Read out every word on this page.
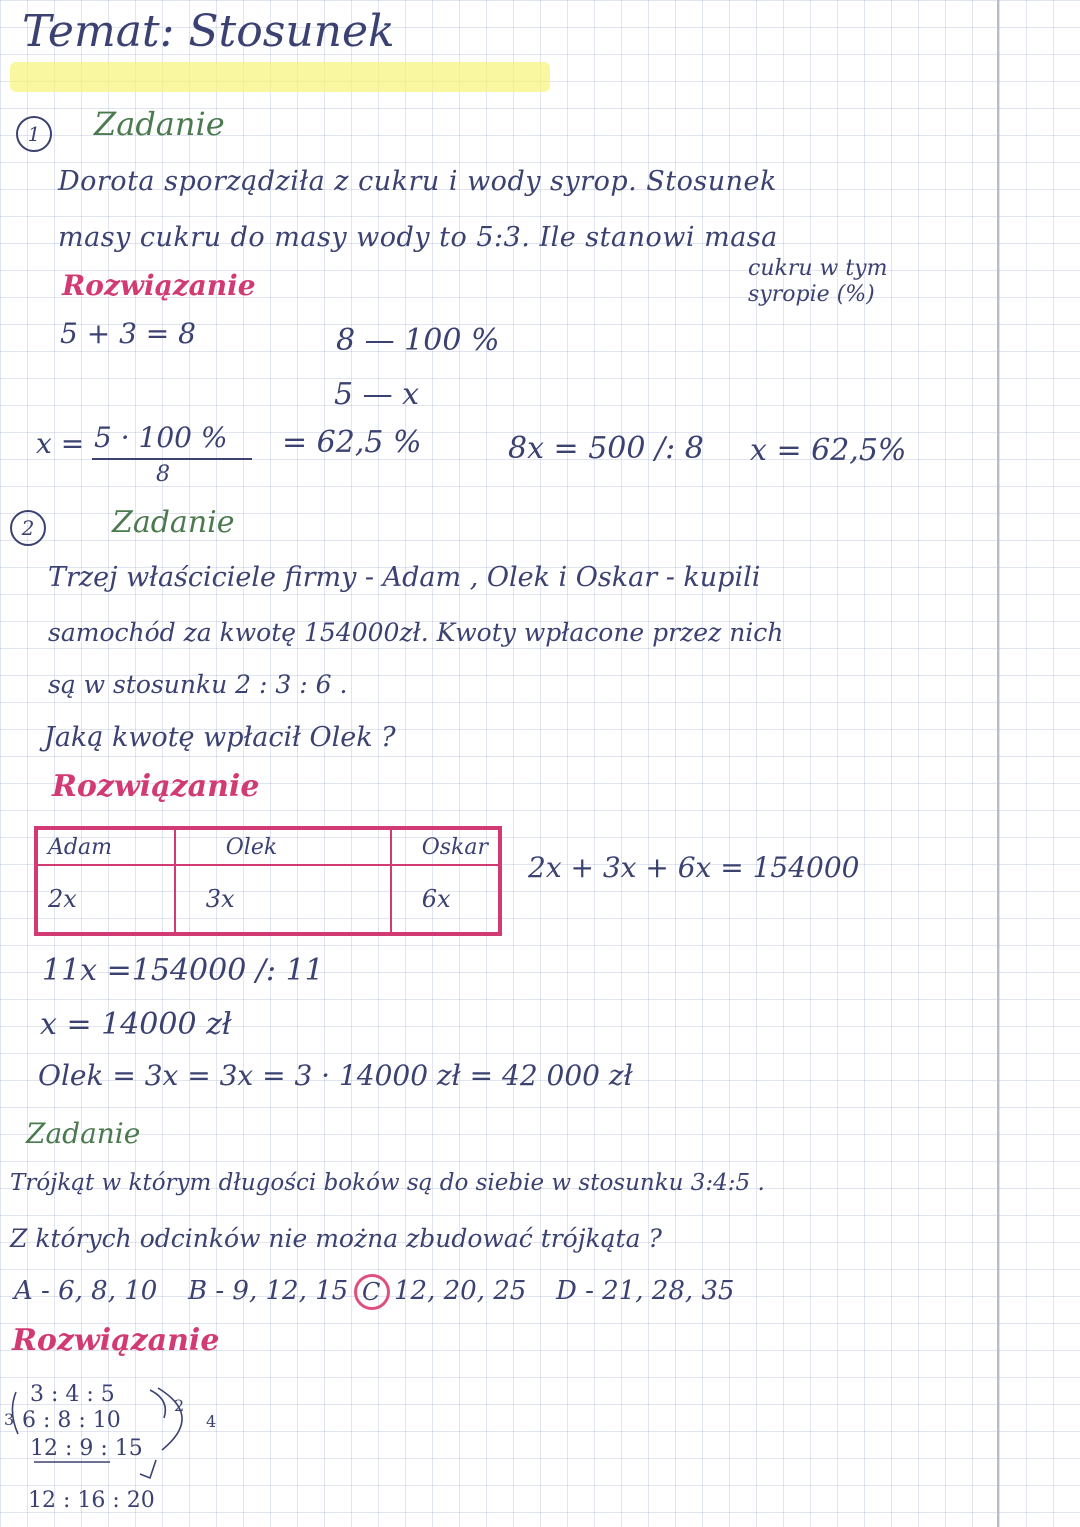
Temat: Stosunek
1	Zadanie
Dorota sporządziła z cukru i wody syrop. Stosunek
masy cukru do masy wody to 5:3. Ile stanowi masa
cukru w tym
syropie (%)
Rozwiązanie
5 + 3 = 8	8 — 100 %
5 — x
x = 5 · 100 %
8
= 62,5 %	8x = 500 /: 8 x = 62,5%
2	Zadanie
Trzej właściciele firmy - Adam , Olek i Oskar - kupili
samochód za kwotę 154000zł. Kwoty wpłacone przez nich
są w stosunku 2 : 3 : 6 .
Jaką kwotę wpłacił Olek ?
Rozwiązanie
Adam	Olek	Oskar
2x	3x	6x
2x + 3x + 6x = 154000
11x =154000 /: 11
x = 14000 zł
Olek = 3x = 3x = 3 · 14000 zł = 42 000 zł
Zadanie
Trójkąt w którym długości boków są do siebie w stosunku 3:4:5 .
Z których odcinków nie można zbudować trójkąta ?
A - 6, 8, 10 B - 9, 12, 15 C 12, 20, 25 D - 21, 28, 35
Rozwiązanie
3 : 4 : 5
6 : 8 : 10
12 : 9 : 15
12 : 16 : 20
3
2
4
